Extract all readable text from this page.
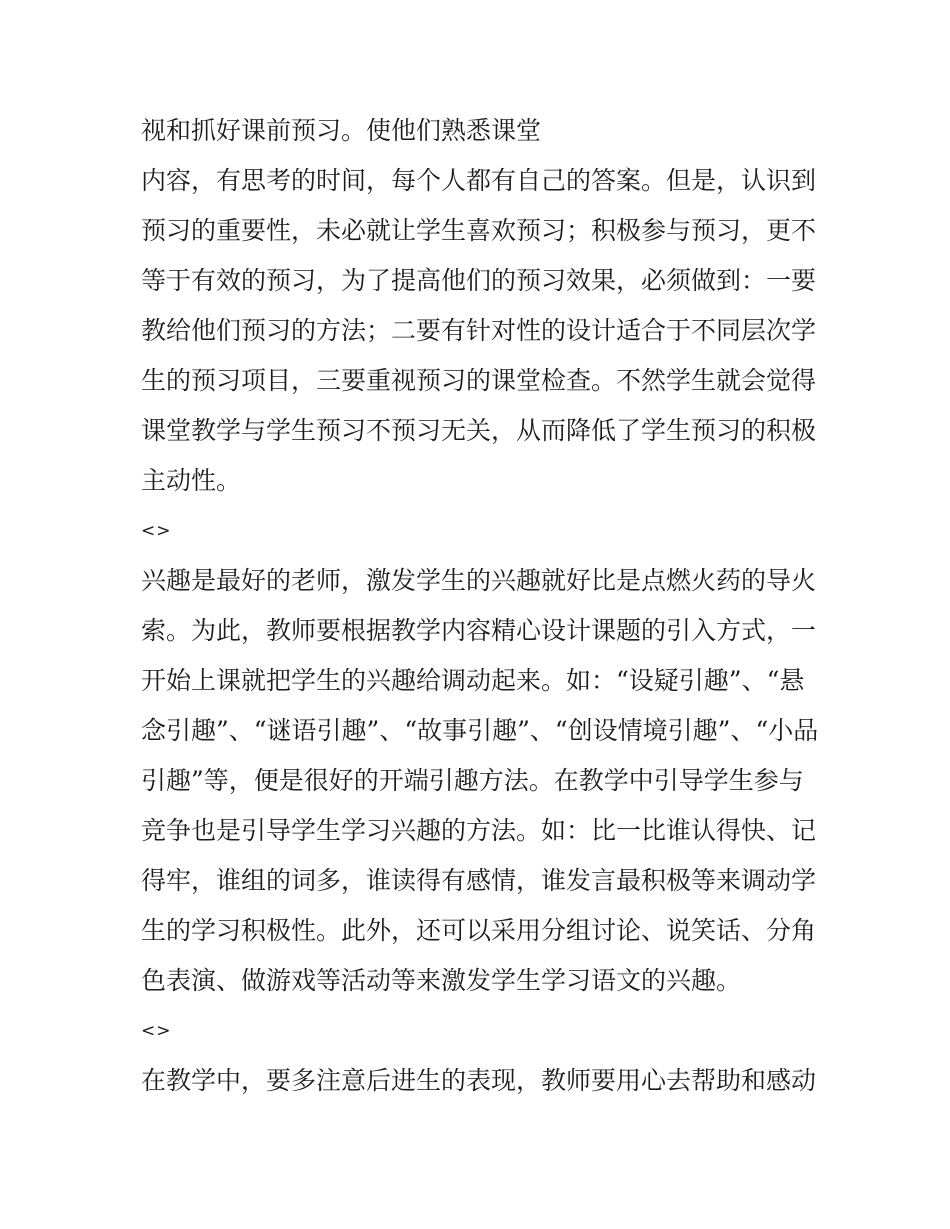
视和抓好课前预习。使他们熟悉课堂
内容，有思考的时间，每个人都有自己的答案。但是，认识到
预习的重要性，未必就让学生喜欢预习；积极参与预习，更不
等于有效的预习，为了提高他们的预习效果，必须做到：一要
教给他们预习的方法；二要有针对性的设计适合于不同层次学
生的预习项目，三要重视预习的课堂检查。不然学生就会觉得
课堂教学与学生预习不预习无关，从而降低了学生预习的积极
主动性。
<>
兴趣是最好的老师，激发学生的兴趣就好比是点燃火药的导火
索。为此，教师要根据教学内容精心设计课题的引入方式，一
开始上课就把学生的兴趣给调动起来。如：“设疑引趣”、“悬
念引趣”、“谜语引趣”、“故事引趣”、“创设情境引趣”、“小品
引趣”等，便是很好的开端引趣方法。在教学中引导学生参与
竞争也是引导学生学习兴趣的方法。如：比一比谁认得快、记
得牢，谁组的词多，谁读得有感情，谁发言最积极等来调动学
生的学习积极性。此外，还可以采用分组讨论、说笑话、分角
色表演、做游戏等活动等来激发学生学习语文的兴趣。
<>
在教学中，要多注意后进生的表现，教师要用心去帮助和感动
